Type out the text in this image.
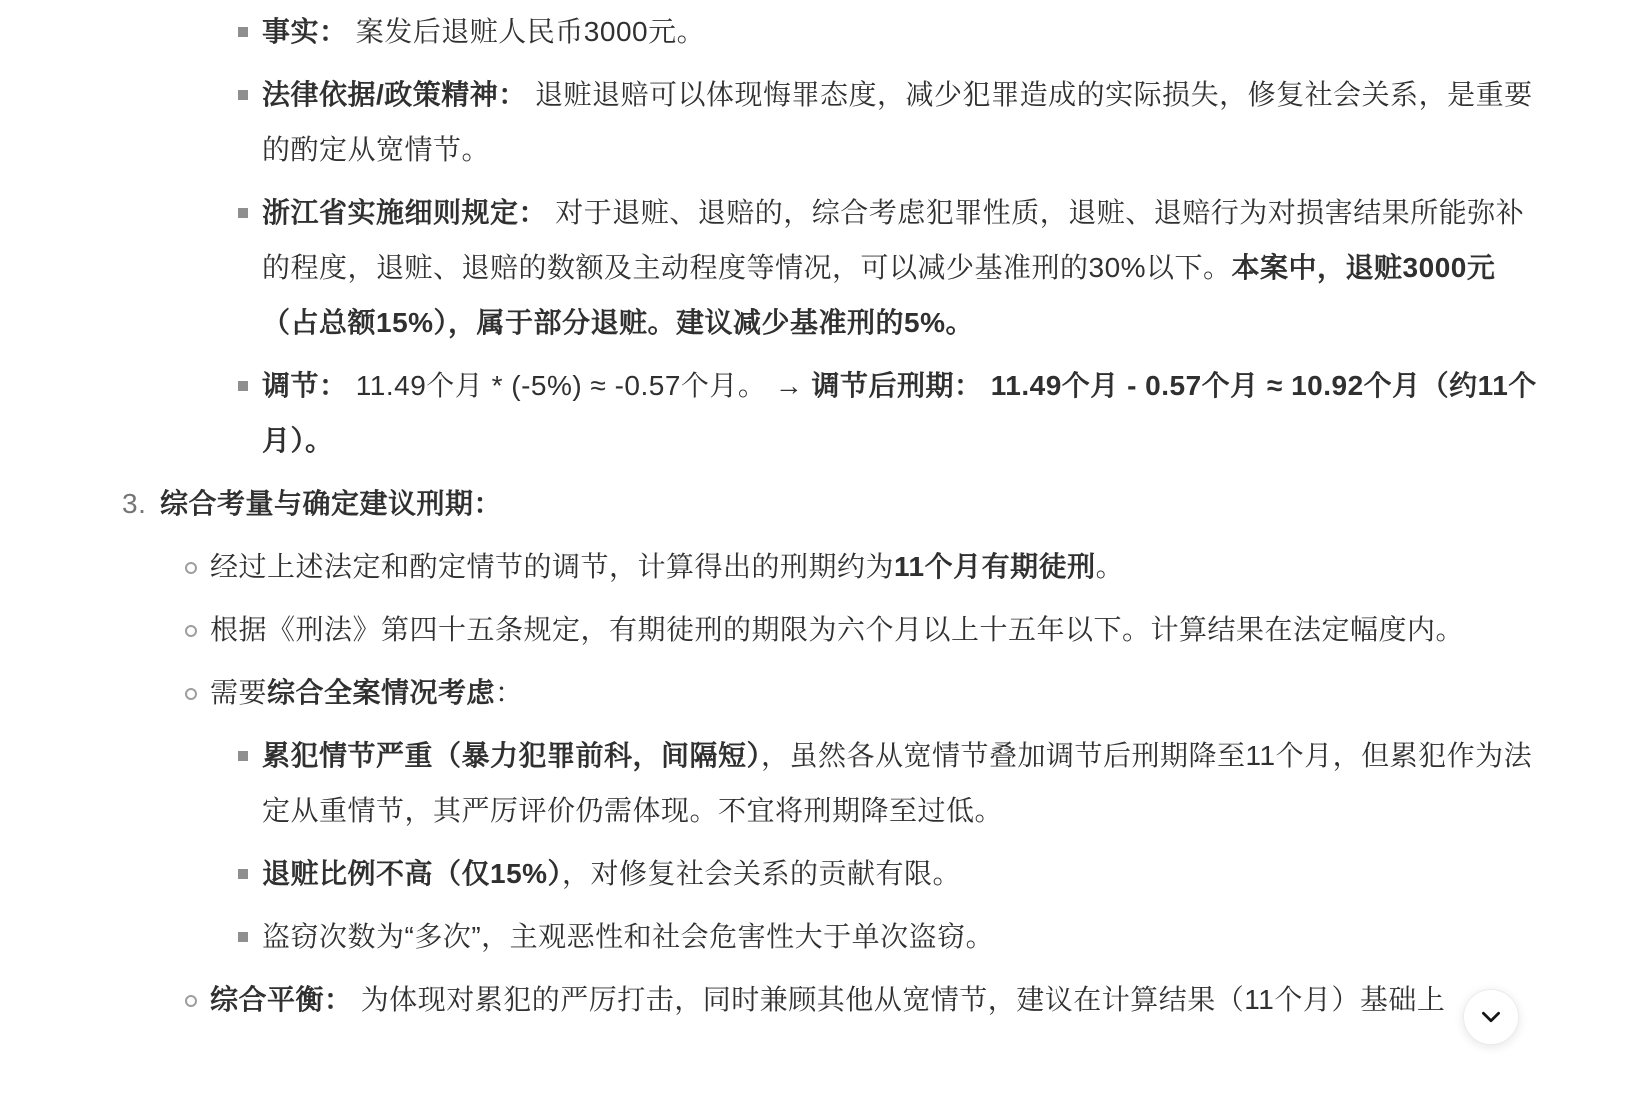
事实： 案发后退赃人民币3000元。
法律依据/政策精神： 退赃退赔可以体现悔罪态度，减少犯罪造成的实际损失，修复社会关系，是重要的酌定从宽情节。
浙江省实施细则规定： 对于退赃、退赔的，综合考虑犯罪性质，退赃、退赔行为对损害结果所能弥补的程度，退赃、退赔的数额及主动程度等情况，可以减少基准刑的30%以下。本案中，退赃3000元（占总额15%），属于部分退赃。建议减少基准刑的5%。
调节： 11.49个月 * (-5%) ≈ -0.57个月。 → 调节后刑期： 11.49个月 - 0.57个月 ≈ 10.92个月（约11个月）。
3. 综合考量与确定建议刑期：
经过上述法定和酌定情节的调节，计算得出的刑期约为11个月有期徒刑。
根据《刑法》第四十五条规定，有期徒刑的期限为六个月以上十五年以下。计算结果在法定幅度内。
需要综合全案情况考虑：
累犯情节严重（暴力犯罪前科，间隔短），虽然各从宽情节叠加调节后刑期降至11个月，但累犯作为法定从重情节，其严厉评价仍需体现。不宜将刑期降至过低。
退赃比例不高（仅15%），对修复社会关系的贡献有限。
盗窃次数为“多次”，主观恶性和社会危害性大于单次盗窃。
综合平衡： 为体现对累犯的严厉打击，同时兼顾其他从宽情节，建议在计算结果（11个月）基础上
